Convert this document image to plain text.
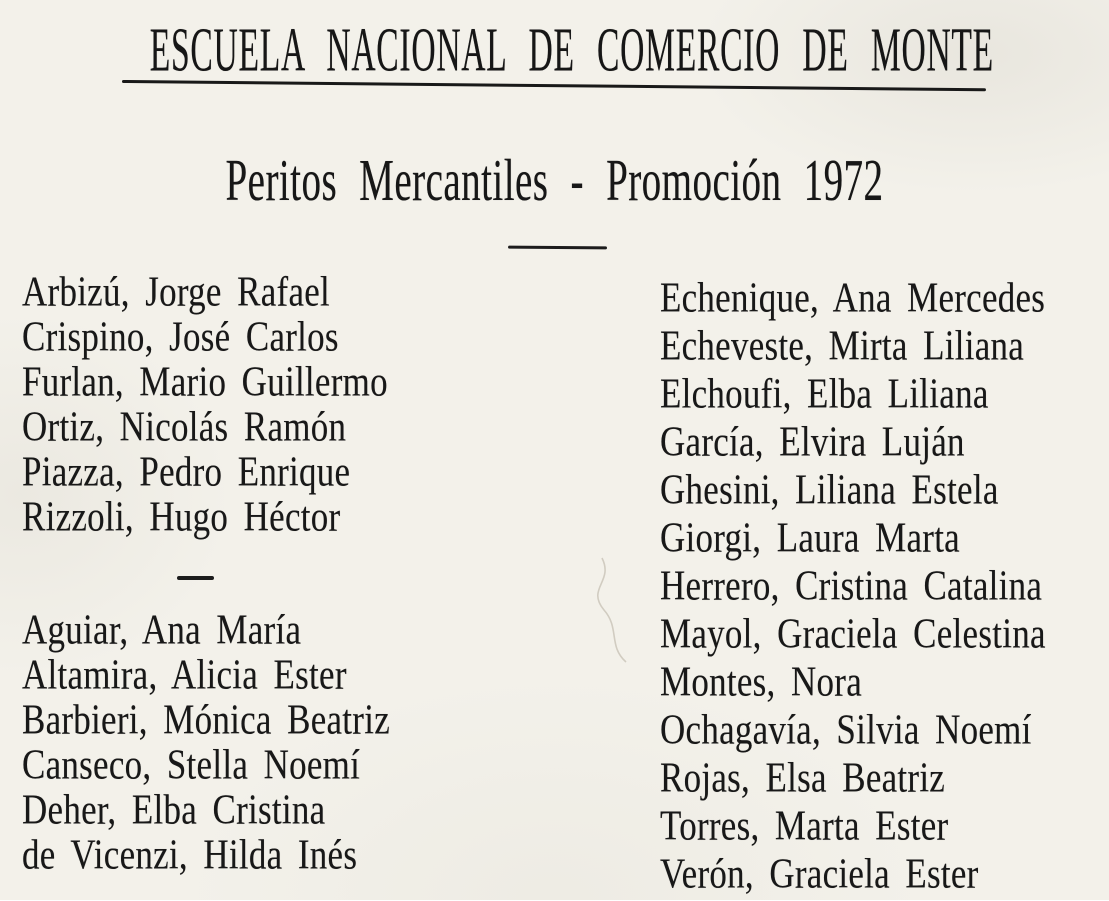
ESCUELA NACIONAL DE COMERCIO DE MONTE
Peritos Mercantiles - Promoción 1972
Arbizú, Jorge Rafael
Crispino, José Carlos
Furlan, Mario Guillermo
Ortiz, Nicolás Ramón
Piazza, Pedro Enrique
Rizzoli, Hugo Héctor
Aguiar, Ana María
Altamira, Alicia Ester
Barbieri, Mónica Beatriz
Canseco, Stella Noemí
Deher, Elba Cristina
de Vicenzi, Hilda Inés
Echenique, Ana Mercedes
Echeveste, Mirta Liliana
Elchoufi, Elba Liliana
García, Elvira Luján
Ghesini, Liliana Estela
Giorgi, Laura Marta
Herrero, Cristina Catalina
Mayol, Graciela Celestina
Montes, Nora
Ochagavía, Silvia Noemí
Rojas, Elsa Beatriz
Torres, Marta Ester
Verón, Graciela Ester
